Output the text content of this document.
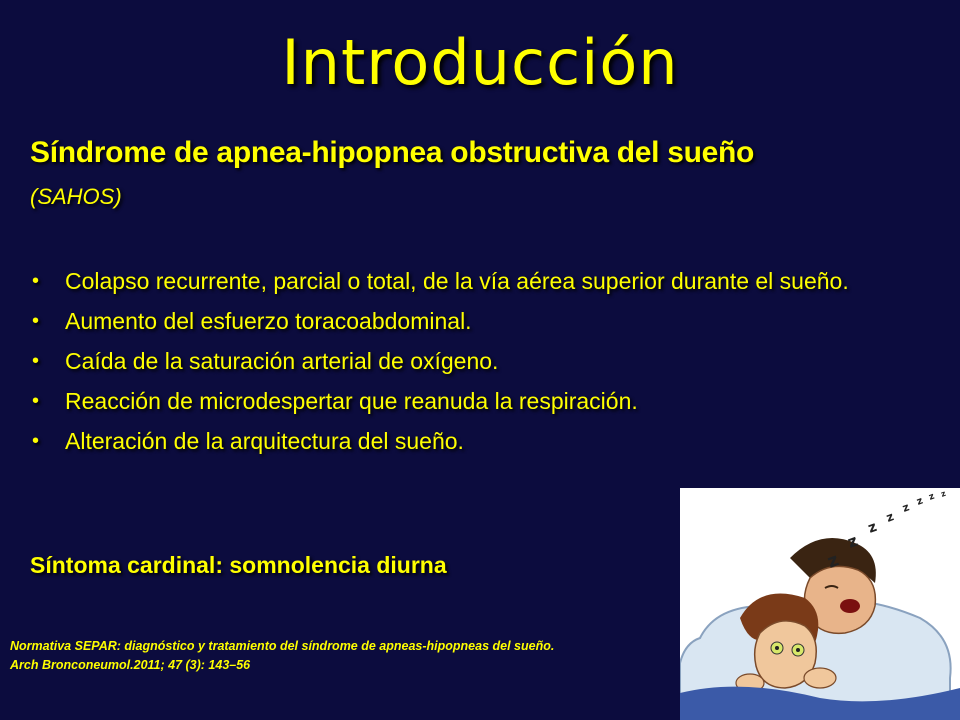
Introducción
Síndrome de apnea-hipopnea obstructiva del sueño
(SAHOS)
• Colapso recurrente, parcial o total, de la vía aérea superior durante el sueño.
• Aumento del esfuerzo toracoabdominal.
• Caída de la saturación arterial de oxígeno.
• Reacción de microdespertar que reanuda la respiración.
• Alteración de la arquitectura del sueño.
Síntoma cardinal: somnolencia diurna
Normativa SEPAR: diagnóstico y tratamiento del síndrome de apneas-hipopneas del sueño.
Arch Bronconeumol.2011; 47 (3): 143–56
z
z
z
z
z z z z
